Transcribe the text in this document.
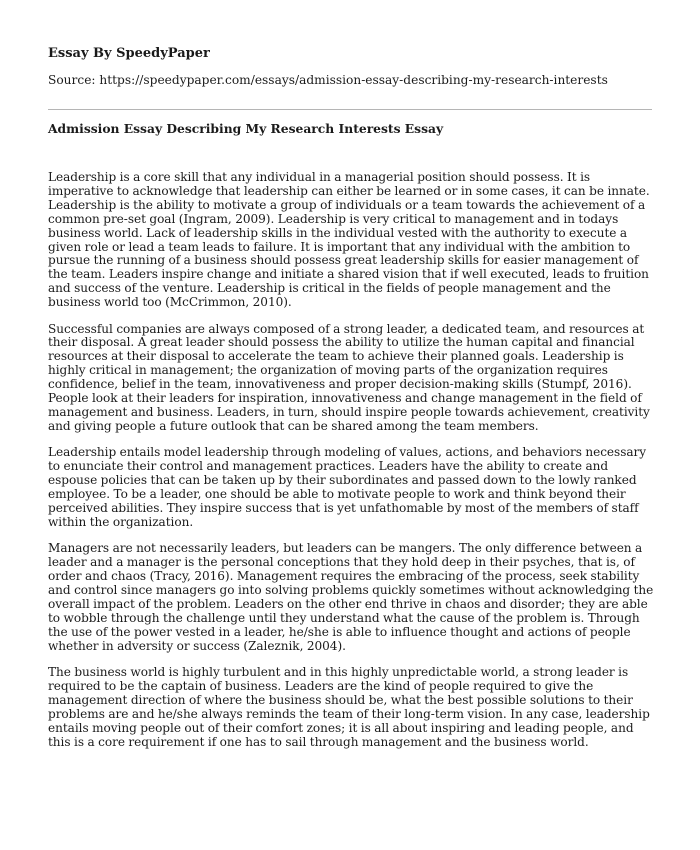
Essay By SpeedyPaper

Source: https://speedypaper.com/essays/admission-essay-describing-my-research-interests

Admission Essay Describing My Research Interests Essay

Leadership is a core skill that any individual in a managerial position should possess. It is imperative to acknowledge that leadership can either be learned or in some cases, it can be innate. Leadership is the ability to motivate a group of individuals or a team towards the achievement of a common pre-set goal (Ingram, 2009). Leadership is very critical to management and in todays business world. Lack of leadership skills in the individual vested with the authority to execute a given role or lead a team leads to failure. It is important that any individual with the ambition to pursue the running of a business should possess great leadership skills for easier management of the team. Leaders inspire change and initiate a shared vision that if well executed, leads to fruition and success of the venture. Leadership is critical in the fields of people management and the business world too (McCrimmon, 2010).

Successful companies are always composed of a strong leader, a dedicated team, and resources at their disposal. A great leader should possess the ability to utilize the human capital and financial resources at their disposal to accelerate the team to achieve their planned goals. Leadership is highly critical in management; the organization of moving parts of the organization requires confidence, belief in the team, innovativeness and proper decision-making skills (Stumpf, 2016). People look at their leaders for inspiration, innovativeness and change management in the field of management and business. Leaders, in turn, should inspire people towards achievement, creativity and giving people a future outlook that can be shared among the team members.

Leadership entails model leadership through modeling of values, actions, and behaviors necessary to enunciate their control and management practices. Leaders have the ability to create and espouse policies that can be taken up by their subordinates and passed down to the lowly ranked employee. To be a leader, one should be able to motivate people to work and think beyond their perceived abilities. They inspire success that is yet unfathomable by most of the members of staff within the organization.

Managers are not necessarily leaders, but leaders can be mangers. The only difference between a leader and a manager is the personal conceptions that they hold deep in their psyches, that is, of order and chaos (Tracy, 2016). Management requires the embracing of the process, seek stability and control since managers go into solving problems quickly sometimes without acknowledging the overall impact of the problem. Leaders on the other end thrive in chaos and disorder; they are able to wobble through the challenge until they understand what the cause of the problem is. Through the use of the power vested in a leader, he/she is able to influence thought and actions of people whether in adversity or success (Zaleznik, 2004).

The business world is highly turbulent and in this highly unpredictable world, a strong leader is required to be the captain of business. Leaders are the kind of people required to give the management direction of where the business should be, what the best possible solutions to their problems are and he/she always reminds the team of their long-term vision. In any case, leadership entails moving people out of their comfort zones; it is all about inspiring and leading people, and this is a core requirement if one has to sail through management and the business world.
